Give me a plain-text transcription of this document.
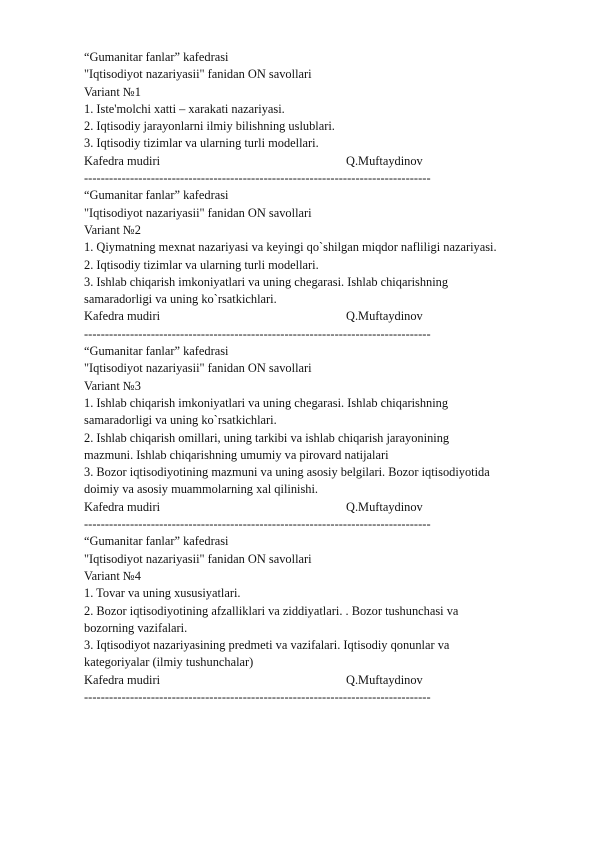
“Gumanitar fanlar” kafedrasi
"Iqtisodiyot nazariyasii" fanidan ON savollari
Variant №1
1. Iste'molchi xatti – xarakati nazariyasi.
2. Iqtisodiy jarayonlarni ilmiy bilishning uslublari.
3. Iqtisodiy tizimlar va ularning turli modellari.
Kafedra mudiri	Q.Muftaydinov
-----------------------------------------------------------------------------------
“Gumanitar fanlar” kafedrasi
"Iqtisodiyot nazariyasii" fanidan ON savollari
Variant №2
1. Qiymatning mexnat nazariyasi va keyingi qo`shilgan miqdor nafliligi nazariyasi.
2. Iqtisodiy tizimlar va ularning turli modellari.
3. Ishlab chiqarish imkoniyatlari va uning chegarasi. Ishlab chiqarishning
samaradorligi va uning ko`rsatkichlari.
Kafedra mudiri	Q.Muftaydinov
-----------------------------------------------------------------------------------
“Gumanitar fanlar” kafedrasi
"Iqtisodiyot nazariyasii" fanidan ON savollari
Variant №3
1. Ishlab chiqarish imkoniyatlari va uning chegarasi. Ishlab chiqarishning
samaradorligi va uning ko`rsatkichlari.
2. Ishlab chiqarish omillari, uning tarkibi va ishlab chiqarish jarayonining
mazmuni. Ishlab chiqarishning umumiy va pirovard natijalari
3. Bozor iqtisodiyotining mazmuni va uning asosiy belgilari. Bozor iqtisodiyotida
doimiy va asosiy muammolarning xal qilinishi.
Kafedra mudiri	Q.Muftaydinov
-----------------------------------------------------------------------------------
“Gumanitar fanlar” kafedrasi
"Iqtisodiyot nazariyasii" fanidan ON savollari
Variant №4
1. Tovar va uning xususiyatlari.
2. Bozor iqtisodiyotining afzalliklari va ziddiyatlari. . Bozor tushunchasi va
bozorning vazifalari.
3. Iqtisodiyot nazariyasining predmeti va vazifalari. Iqtisodiy qonunlar va
kategoriyalar (ilmiy tushunchalar)
Kafedra mudiri	Q.Muftaydinov
-----------------------------------------------------------------------------------
